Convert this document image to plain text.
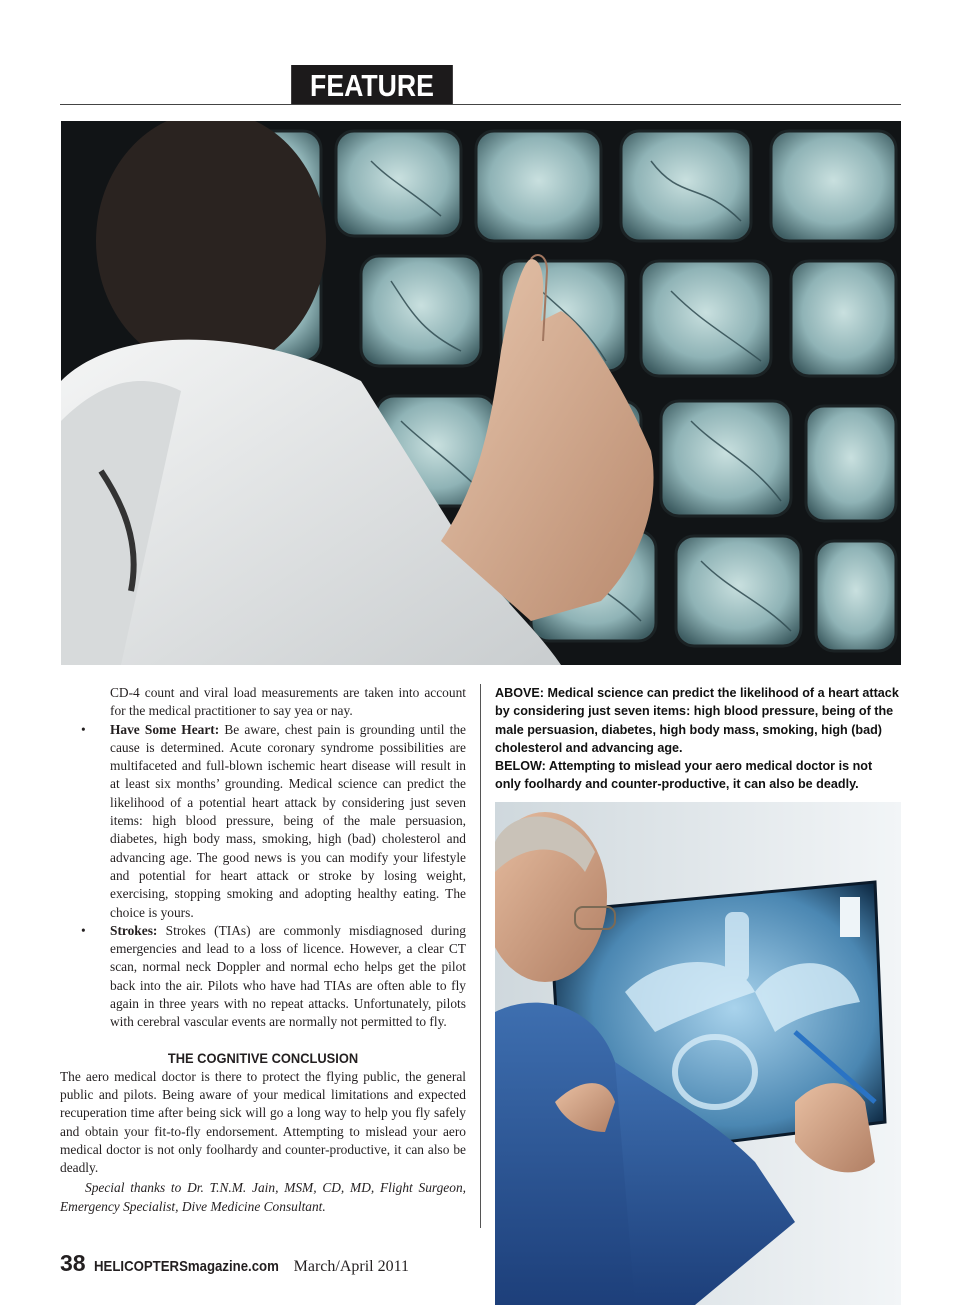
FEATURE
CD-4 count and viral load measurements are taken into account for the medical practitioner to say yea or nay.
• Have Some Heart: Be aware, chest pain is grounding until the cause is determined. Acute coronary syndrome possibilities are multifaceted and full-blown ischemic heart disease will result in at least six months’ grounding. Medical science can predict the likelihood of a potential heart attack by considering just seven items: high blood pressure, being of the male persuasion, diabetes, high body mass, smoking, high (bad) cholesterol and advancing age. The good news is you can modify your lifestyle and potential for heart attack or stroke by losing weight, exercising, stopping smoking and adopting healthy eating. The choice is yours.
• Strokes: Strokes (TIAs) are commonly misdiagnosed during emergencies and lead to a loss of licence. However, a clear CT scan, normal neck Doppler and normal echo helps get the pilot back into the air. Pilots who have had TIAs are often able to fly again in three years with no repeat attacks. Unfortunately, pilots with cerebral vascular events are normally not permitted to fly.
THE COGNITIVE CONCLUSION
The aero medical doctor is there to protect the flying public, the general public and pilots. Being aware of your medical limitations and expected recuperation time after being sick will go a long way to help you fly safely and obtain your fit-to-fly endorsement. Attempting to mislead your aero medical doctor is not only foolhardy and counter-productive, it can also be deadly.
Special thanks to Dr. T.N.M. Jain, MSM, CD, MD, Flight Surgeon, Emergency Specialist, Dive Medicine Consultant.

ABOVE: Medical science can predict the likelihood of a heart attack by considering just seven items: high blood pressure, being of the male persuasion, diabetes, high body mass, smoking, high (bad) cholesterol and advancing age.

BELOW: Attempting to mislead your aero medical doctor is not only foolhardy and counter-productive, it can also be deadly.

38 HELICOPTERSmagazine.com March/April 2011
